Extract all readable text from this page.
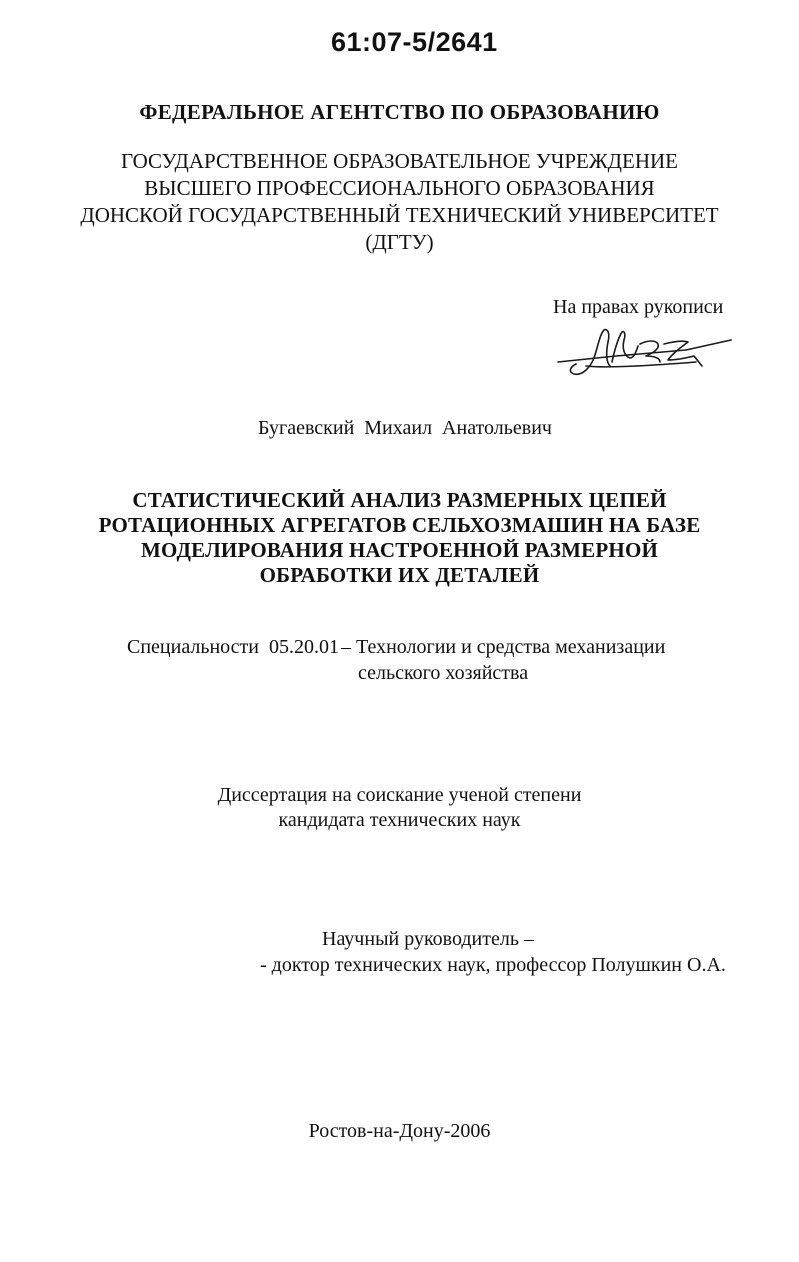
61:07-5/2641
ФЕДЕРАЛЬНОЕ АГЕНТСТВО ПО ОБРАЗОВАНИЮ
ГОСУДАРСТВЕННОЕ ОБРАЗОВАТЕЛЬНОЕ УЧРЕЖДЕНИЕ
ВЫСШЕГО ПРОФЕССИОНАЛЬНОГО ОБРАЗОВАНИЯ
ДОНСКОЙ ГОСУДАРСТВЕННЫЙ ТЕХНИЧЕСКИЙ УНИВЕРСИТЕТ
(ДГТУ)
На правах рукописи
Бугаевский Михаил Анатольевич
СТАТИСТИЧЕСКИЙ АНАЛИЗ РАЗМЕРНЫХ ЦЕПЕЙ
РОТАЦИОННЫХ АГРЕГАТОВ СЕЛЬХОЗМАШИН НА БАЗЕ
МОДЕЛИРОВАНИЯ НАСТРОЕННОЙ РАЗМЕРНОЙ
ОБРАБОТКИ ИХ ДЕТАЛЕЙ
Специальности 05.20.01 – Технологии и средства механизации
сельского хозяйства
Диссертация на соискание ученой степени
кандидата технических наук
Научный руководитель –
- доктор технических наук, профессор Полушкин О.А.
Ростов-на-Дону-2006
